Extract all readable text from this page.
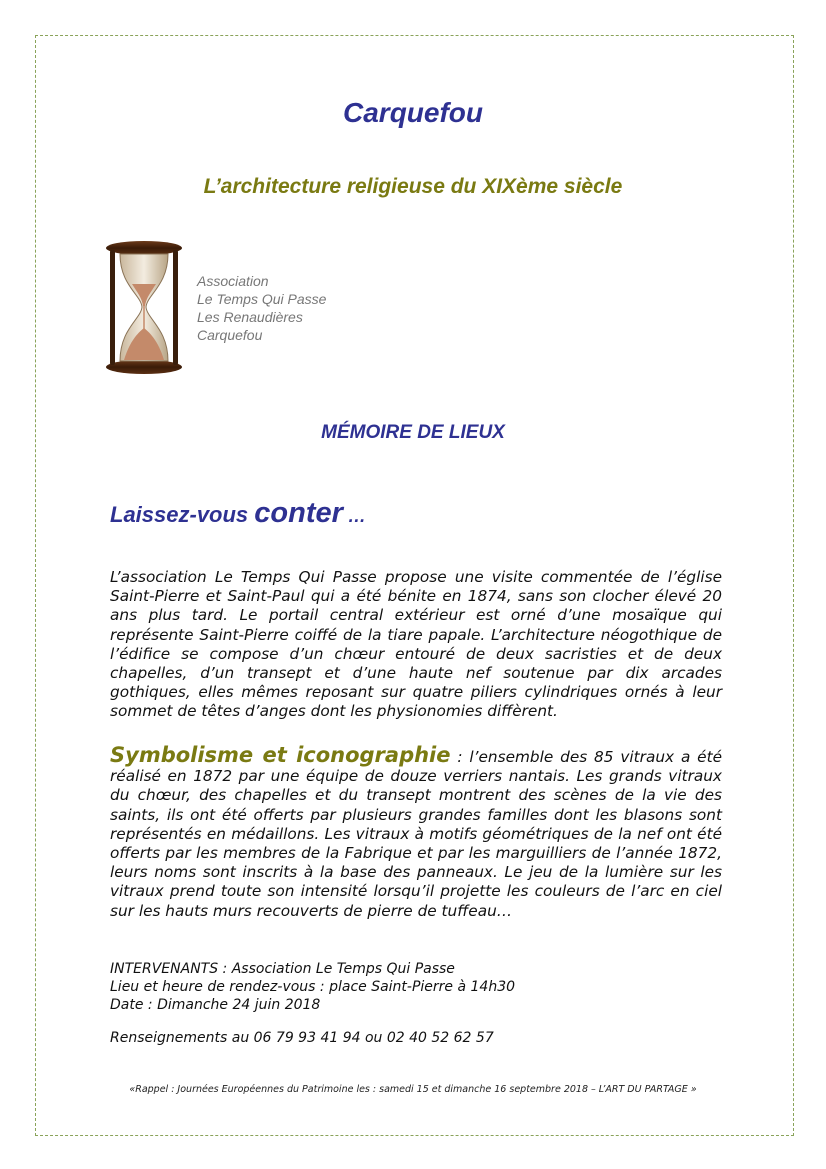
Carquefou
L’architecture religieuse du XIXème siècle
Association
Le Temps Qui Passe
Les Renaudières
Carquefou
MÉMOIRE DE LIEUX
Laissez-vous conter …
L’association Le Temps Qui Passe propose une visite commentée de l’église Saint-Pierre et Saint-Paul qui a été bénite en 1874, sans son clocher élevé 20 ans plus tard. Le portail central extérieur est orné d’une mosaïque qui représente Saint-Pierre coiffé de la tiare papale. L’architecture néogothique de l’édifice se compose d’un chœur entouré de deux sacristies et de deux chapelles, d’un transept et d’une haute nef soutenue par dix arcades gothiques, elles mêmes reposant sur quatre piliers cylindriques ornés à leur sommet de têtes d’anges dont les physionomies diffèrent.
Symbolisme et iconographie : l’ensemble des 85 vitraux a été réalisé en 1872 par une équipe de douze verriers nantais. Les grands vitraux du chœur, des chapelles et du transept montrent des scènes de la vie des saints, ils ont été offerts par plusieurs grandes familles dont les blasons sont représentés en médaillons. Les vitraux à motifs géométriques de la nef ont été offerts par les membres de la Fabrique et par les marguilliers de l’année 1872, leurs noms sont inscrits à la base des panneaux. Le jeu de la lumière sur les vitraux prend toute son intensité lorsqu’il projette les couleurs de l’arc en ciel sur les hauts murs recouverts de pierre de tuffeau…
INTERVENANTS : Association Le Temps Qui Passe
Lieu et heure de rendez-vous : place Saint-Pierre à 14h30
Date : Dimanche 24 juin 2018
Renseignements au 06 79 93 41 94 ou 02 40 52 62 57
«Rappel : Journées Européennes du Patrimoine les : samedi 15 et dimanche 16 septembre 2018 – L’ART DU PARTAGE »
